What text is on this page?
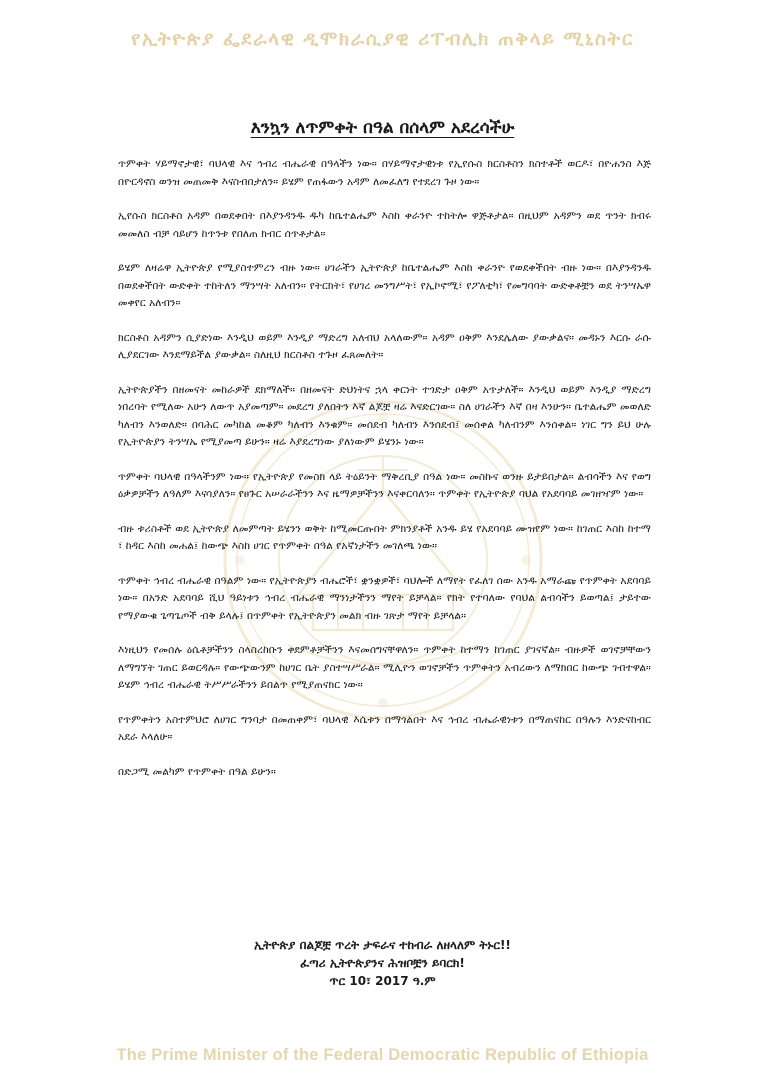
የኢትዮጵያ ፌደራላዊ ዲሞክራሲያዊ ሪፐብሊክ ጠቅላይ ሚኒስትር
እንኳን ለጥምቀት በዓል በሰላም አደረሳችሁ

ጥምቀት ሃይማኖታዊ፣ ባህላዊ እና ኅብረ ብሔራዊ በዓላችን ነው። በሃይማኖታዊነቱ የኢየሱስ ክርስቶስን ክስተቶች ወርዶ፣ በዮሐንስ እጅ በዮርዳኖስ ወንዝ መጠመቅ እናስብበታለን። ይሄም የጠፋውን አዳም ለመፈለግ የተደረገ ጉዞ ነው።

ኢየሱስ ክርስቶስ አዳም በወደቀበት በእያንዳንዱ ዱካ ከቤተልሔም እስከ ቀራንዮ ተከትሎ ዋጅቶታል። በዚህም አዳምን ወደ ጥንት ክብሩ መመለስ ብቻ ሳይሆን ከጥንቱ የበለጠ ክብር ሰጥቶታል።

ይሄም ለዛሬዋ ኢትዮጵያ የሚያስተምረን ብዙ ነው። ሀገራችን ኢትዮጵያ ከቤተልሔም እስከ ቀራንዮ የወደቀችበት ብዙ ነው። በእያንዳንዱ በወደቀችበት ውድቀት ተከትለን ማንሣት አለብን። የትርክት፣ የሀገረ መንግሥት፣ የኢኮኖሚ፣ የፖለቲካ፣ የመግባባት ውድቀቶቿን ወደ ትንሣኤዋ መቀየር አለብን።

ክርስቶስ አዳምን ሲያድነው እንዲህ ወይም እንዲያ ማድረግ አለብህ አላለውም። አዳም ዐቅም እንደሌለው ያውቃልና። መዳኑን እርሱ ራሱ ሊያደርገው እንደማይችል ያውቃል። ስለዚህ ክርስቶስ ተጉዞ ፈጸመለት።

ኢትዮጵያችን በዘመናት መከራዎች ደክማለች። በዘመናት ድህነትና ኋላ ቀርነት ተጎድታ ዐቅም አጥታለች። እንዲህ ወይም እንዲያ ማድረግ ነበረባት የሚለው አሁን ለውጥ አያመጣም። መደረግ ያለበትን እኛ ልጆቿ ዛሬ እናድርገው። ስለ ሀገራችን እኛ በዛ እንሁን። ቤተልሔም መወለድ ካለብን እንወለድ። በባሕር መካከል መቆም ካለብን እንቁም። መሰደብ ካለብን እንሰደብ፤ መሰቀል ካለብንም እንሰቀል። ነገር ግን ይህ ሁሉ የኢትዮጵያን ትንሣኤ የሚያመጣ ይሁን። ዛሬ እያደረግነው ያለነውም ይሄንኑ ነው።

ጥምቀት ባህላዊ በዓላችንም ነው። የኢትዮጵያ የመስክ ላይ ትዕይንት ማቅረቢያ በዓል ነው። መስኩና ወንዙ ይታይበታል። ልብሳችን እና የወግ ዕቃዎቻችን ለዓለም እናሳያለን። የፀጉር አሠራራችንን እና ዜማዎቻችንን እናቀርባለን። ጥምቀት የኢትዮጵያ ባህል የአደባባይ መገዘዣም ነው።

ብዙ ቱሪስቶች ወደ ኢትዮጵያ ለመምጣት ይሄንን ወቅት ከሚመርጡበት ምክንያቶች አንዱ ይሄ የአደባባይ ሙዝየም ነው። ከገጠር እስከ ከተማ ፣ ከዳር እስከ መሐል፤ ከውጭ እስከ ሀገር የጥምቀት በዓል የአኛነታችን መገለጫ ነው።

ጥምቀት ኅብረ ብሔራዊ በዓልም ነው። የኢትዮጵያን ብሔሮች፣ ቋንቋዎች፣ ባህሎች ለማየት የፈለገ ሰው አንዱ አማራጩ የጥምቀት አደባባይ ነው። በአንድ አደባባይ ሺህ ዓይነቱን ኅብረ ብሔራዊ ማንነታችንን ማየት ይቻላል። የክት የተባለው የባህል ልብሳችን ይወጣል፤ ታይተው የማያውቁ ጌጣጌጦች ብቅ ይላሉ፤ በጥምቀት የኢትዮጵያን መልክ ብዙ ገጽታ ማየት ይቻላል።

እነዚህን የመሰሉ ዕሴቶቻችንን ስላስረከቡን ቀደምቶቻችንን እናመሰግናቸዋለን። ጥምቀት ከተማን ከገጠር ያገናኛል። ብዙዎች ወገኖቻቸውን ለማግኘት ገጠር ይወርዳሉ። የውጭውንም ከሀገር ቤት ያስተሣሥራል። ሚሊዮን ወገኖቻችን ጥምቀትን አብረውን ለማክበር ከውጭ ገብተዋል። ይሄም ኅብረ ብሔራዊ ትሥሥራችንን ይበልጥ የሚያጠናክር ነው።

የጥምቀትን አስተምህሮ ለሀገር ግንባታ በመጠቀም፣ ባህላዊ እሴቱን በማጎልበት እና ኅብረ ብሔራዊነቱን በማጠናከር በዓሉን እንድናከብር አደራ እላለሁ።

በድጋሚ መልካም የጥምቀት በዓል ይሁን።

ኢትዮጵያ በልጆቿ ጥረት ታፍራና ተከብራ ለዘላለም ትኑር!!
ፈጣሪ ኢትዮጵያንና ሕዝቦቿን ይባርክ!
ጥር 10፣ 2017 ዓ.ም
The Prime Minister of the Federal Democratic Republic of Ethiopia
